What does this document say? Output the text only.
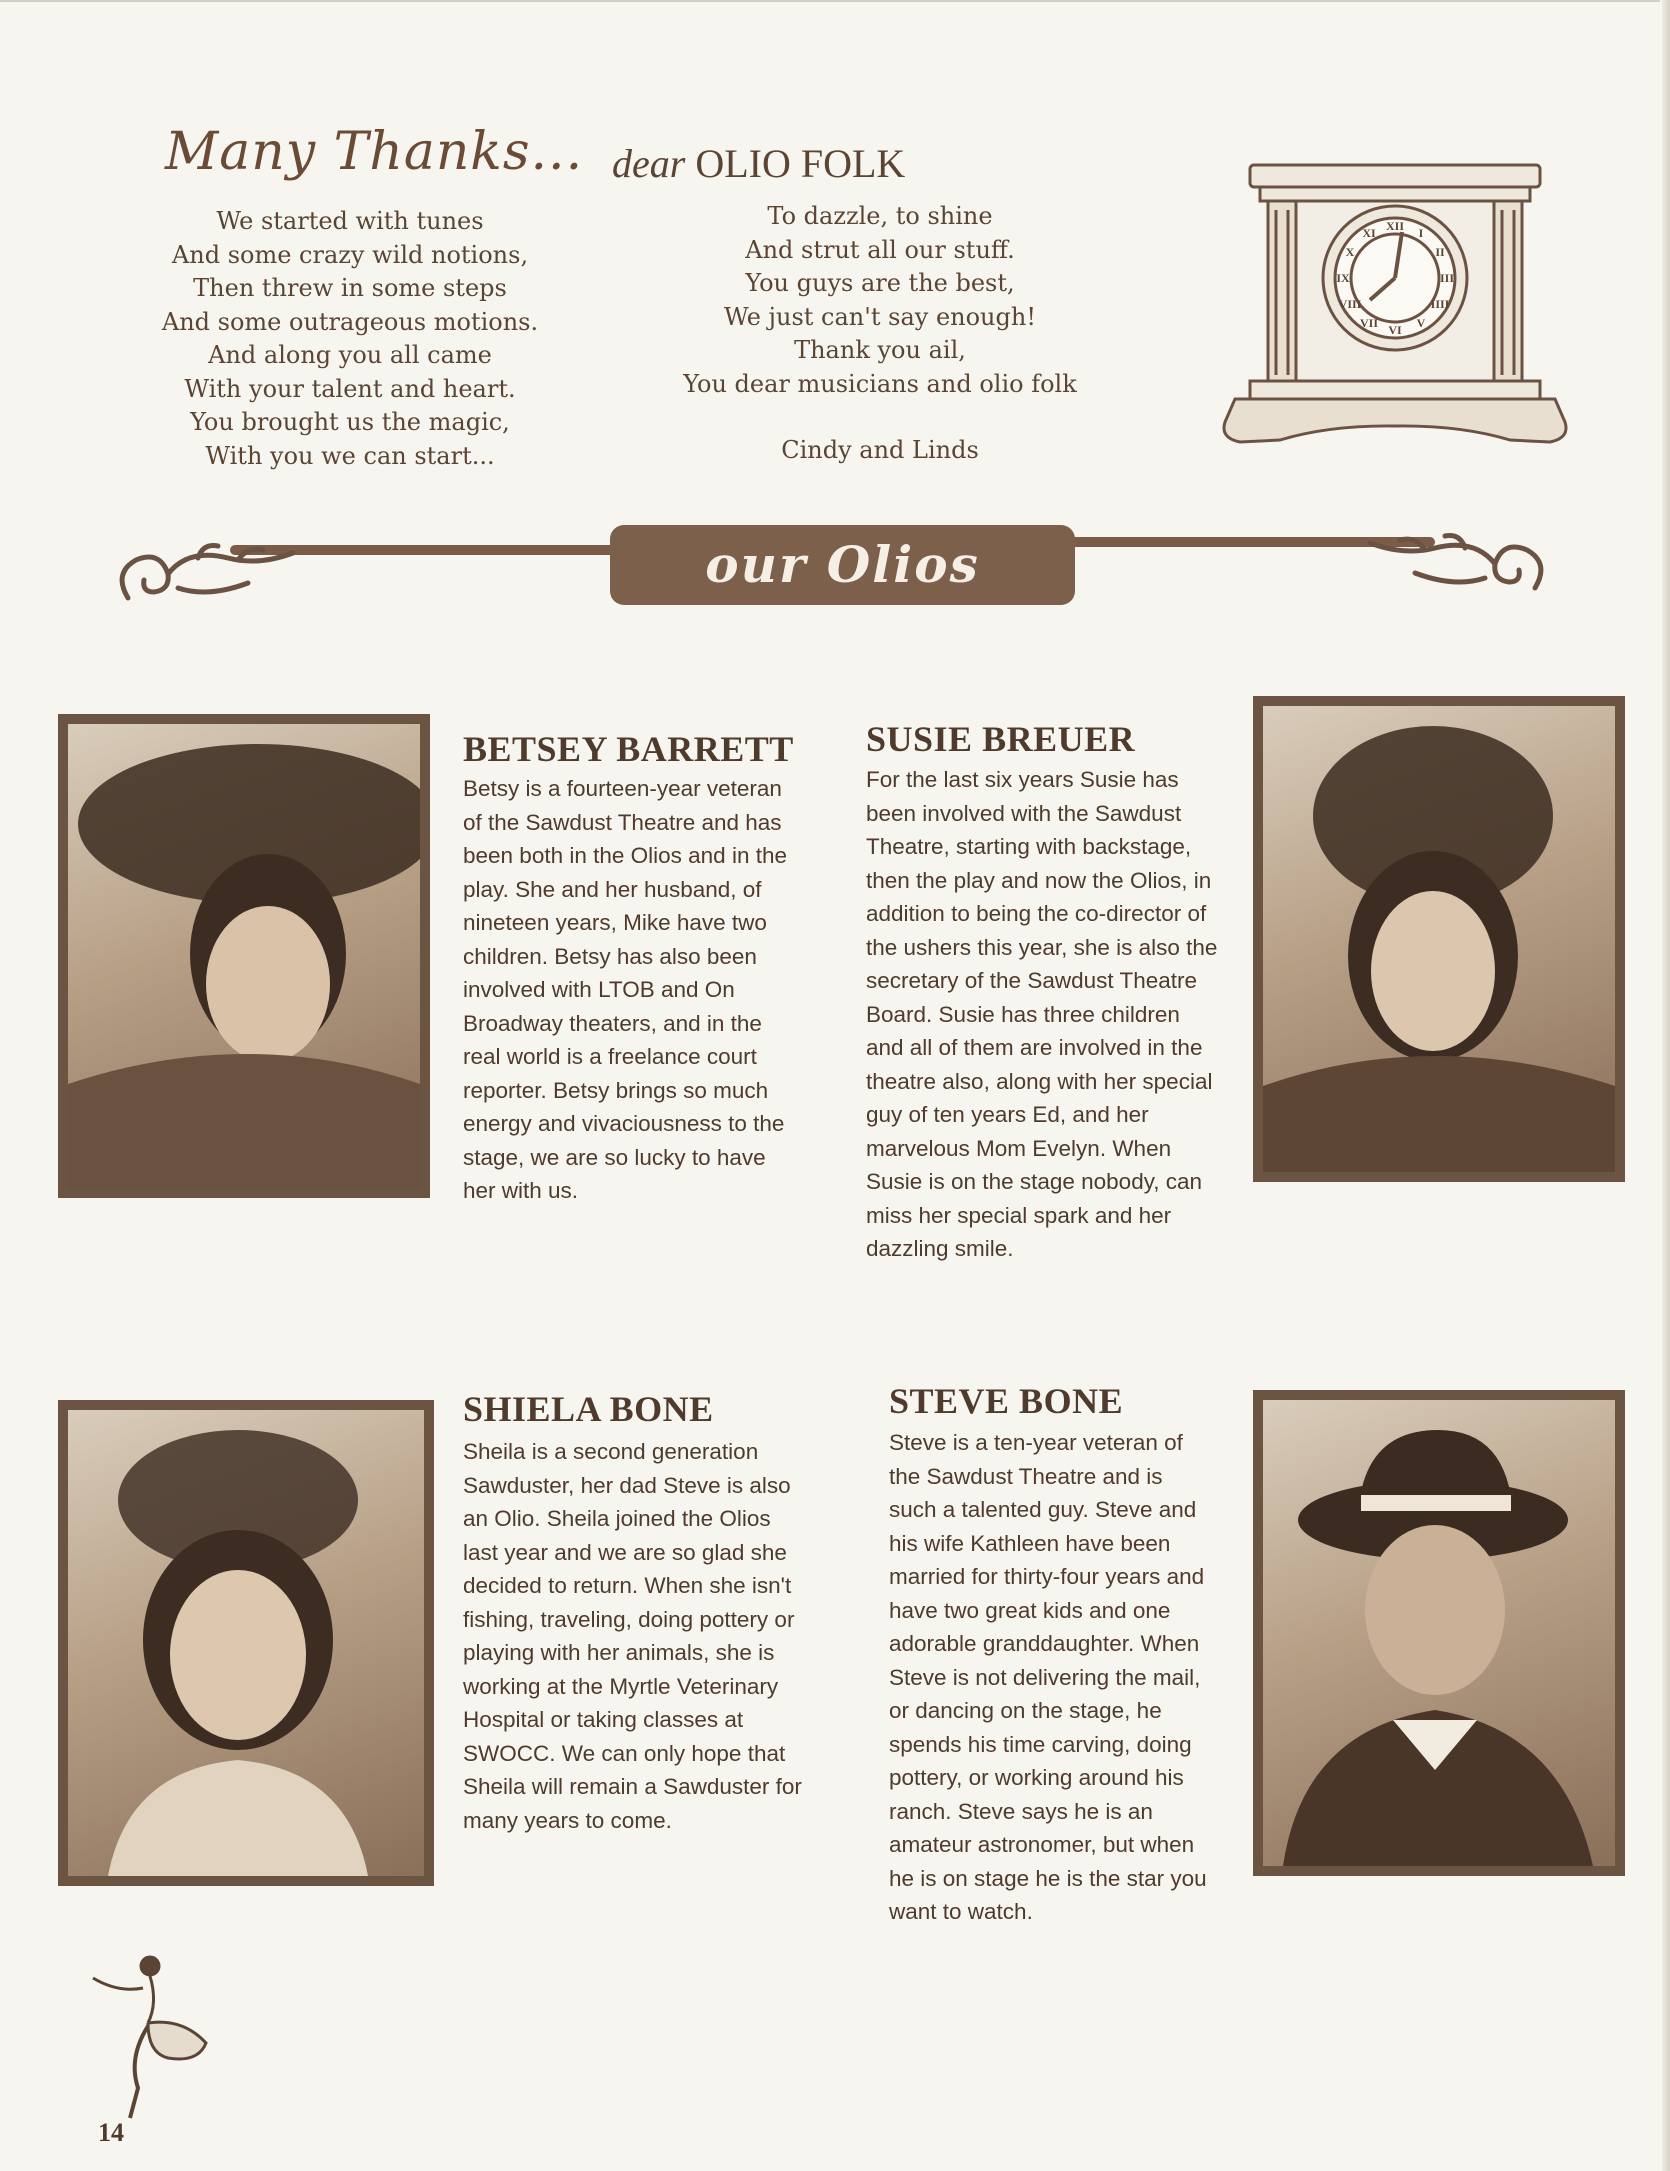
Many Thanks... dear OLIO FOLK
We started with tunes
And some crazy wild notions,
Then threw in some steps
And some outrageous motions.
And along you all came
With your talent and heart.
You brought us the magic,
With you we can start...
To dazzle, to shine
And strut all our stuff.
You guys are the best,
We just can't say enough!
Thank you ail,
You dear musicians and olio folk
Cindy and Linds
XII I
II
III
IIII
V
VI
VII
VIII
IX
X
XI
our Olios
BETSEY BARRETT
Betsy is a fourteen-year veteran
of the Sawdust Theatre and has
been both in the Olios and in the
play. She and her husband, of
nineteen years, Mike have two
children. Betsy has also been
involved with LTOB and On
Broadway theaters, and in the
real world is a freelance court
reporter. Betsy brings so much
energy and vivaciousness to the
stage, we are so lucky to have
her with us.
SUSIE BREUER
For the last six years Susie has
been involved with the Sawdust
Theatre, starting with backstage,
then the play and now the Olios, in
addition to being the co-director of
the ushers this year, she is also the
secretary of the Sawdust Theatre
Board. Susie has three children
and all of them are involved in the
theatre also, along with her special
guy of ten years Ed, and her
marvelous Mom Evelyn. When
Susie is on the stage nobody, can
miss her special spark and her
dazzling smile.
SHIELA BONE
Sheila is a second generation
Sawduster, her dad Steve is also
an Olio. Sheila joined the Olios
last year and we are so glad she
decided to return. When she isn't
fishing, traveling, doing pottery or
playing with her animals, she is
working at the Myrtle Veterinary
Hospital or taking classes at
SWOCC. We can only hope that
Sheila will remain a Sawduster for
many years to come.
STEVE BONE
Steve is a ten-year veteran of
the Sawdust Theatre and is
such a talented guy. Steve and
his wife Kathleen have been
married for thirty-four years and
have two great kids and one
adorable granddaughter. When
Steve is not delivering the mail,
or dancing on the stage, he
spends his time carving, doing
pottery, or working around his
ranch. Steve says he is an
amateur astronomer, but when
he is on stage he is the star you
want to watch.
14
